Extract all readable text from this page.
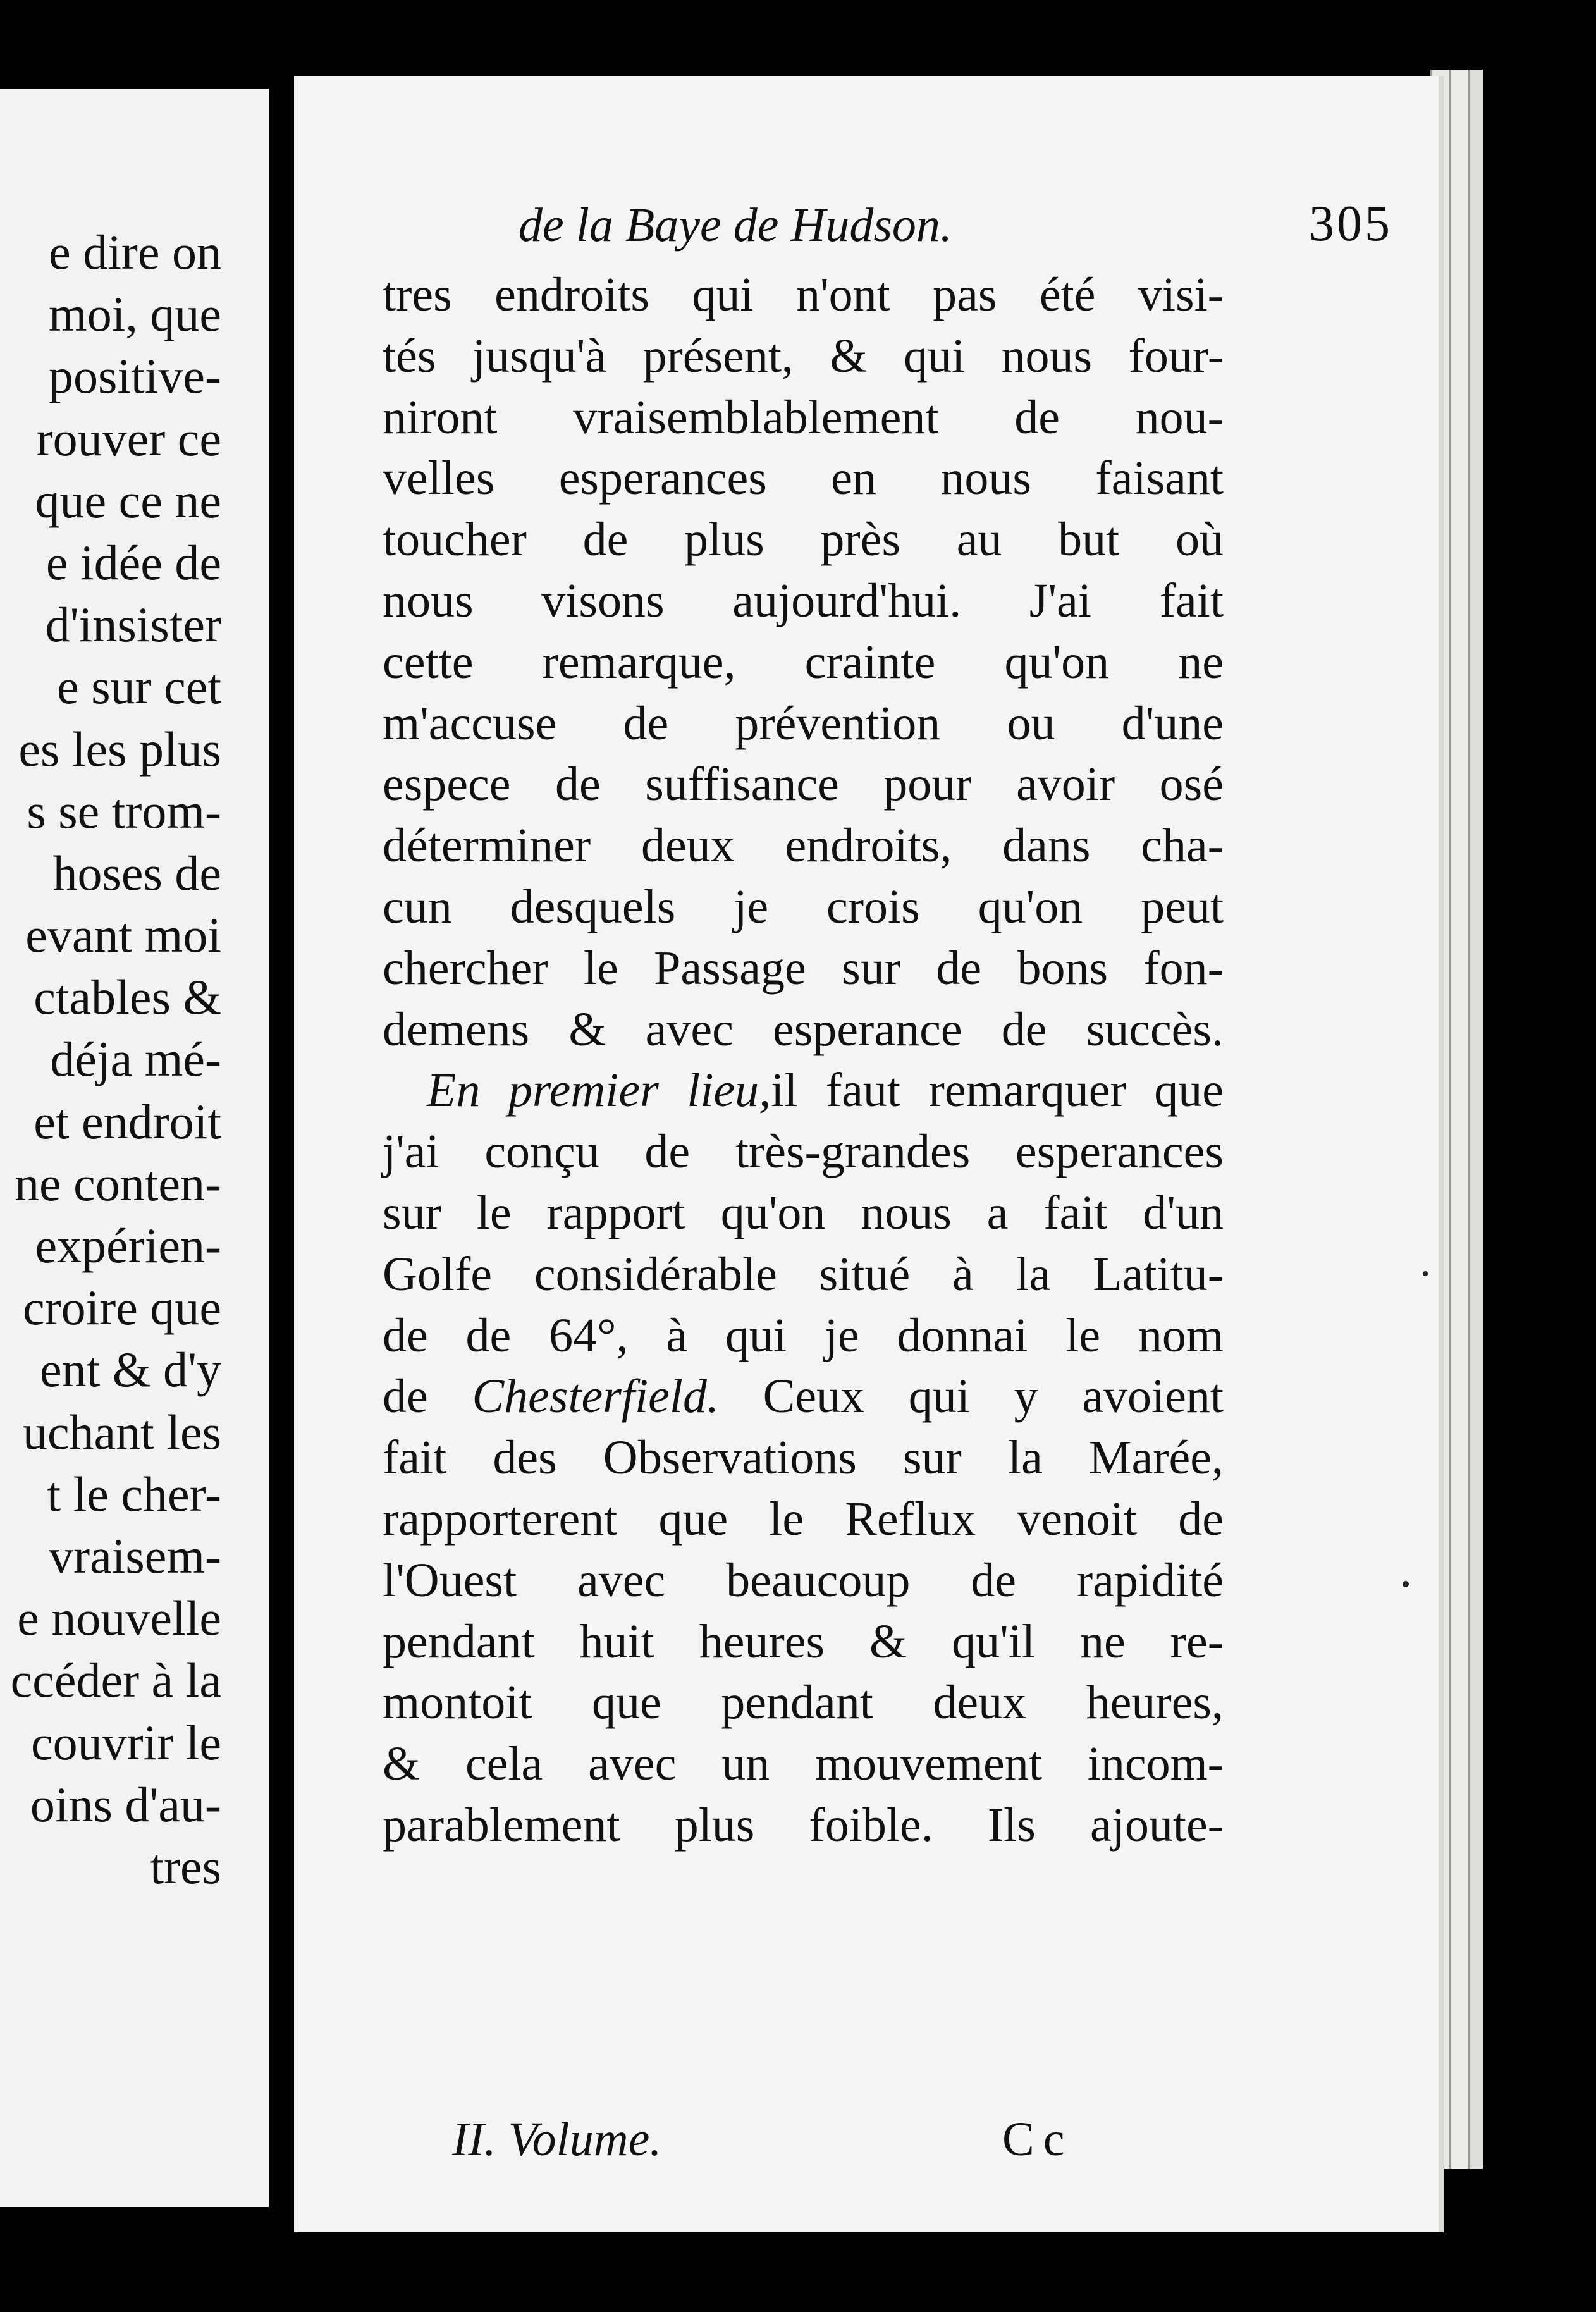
e dire on
moi, que
positive-
rouver ce
que ce ne
e idée de
d'insister
e sur cet
es les plus
s se trom-
hoses de
evant moi
ctables &
déja mé-
et endroit
ne conten-
expérien-
croire que
ent & d'y
uchant les
t le cher-
vraisem-
e nouvelle
ccéder à la
couvrir le
oins d'au-
tres
de la Baye de Hudson.	305
tres endroits qui n'ont pas été visi-
tés jusqu'à présent, & qui nous four-
niront vraisemblablement de nou-
velles esperances en nous faisant
toucher de plus près au but où
nous visons aujourd'hui. J'ai fait
cette remarque, crainte qu'on ne
m'accuse de prévention ou d'une
espece de suffisance pour avoir osé
déterminer deux endroits, dans cha-
cun desquels je crois qu'on peut
chercher le Passage sur de bons fon-
demens & avec esperance de succès.
En premier lieu,il faut remarquer que
j'ai conçu de très-grandes esperances
sur le rapport qu'on nous a fait d'un
Golfe considérable situé à la Latitu-
de de 64°, à qui je donnai le nom
de Chesterfield. Ceux qui y avoient
fait des Observations sur la Marée,
rapporterent que le Reflux venoit de
l'Ouest avec beaucoup de rapidité
pendant huit heures & qu'il ne re-
montoit que pendant deux heures,
& cela avec un mouvement incom-
parablement plus foible. Ils ajoute-
II. Volume.	Cc
